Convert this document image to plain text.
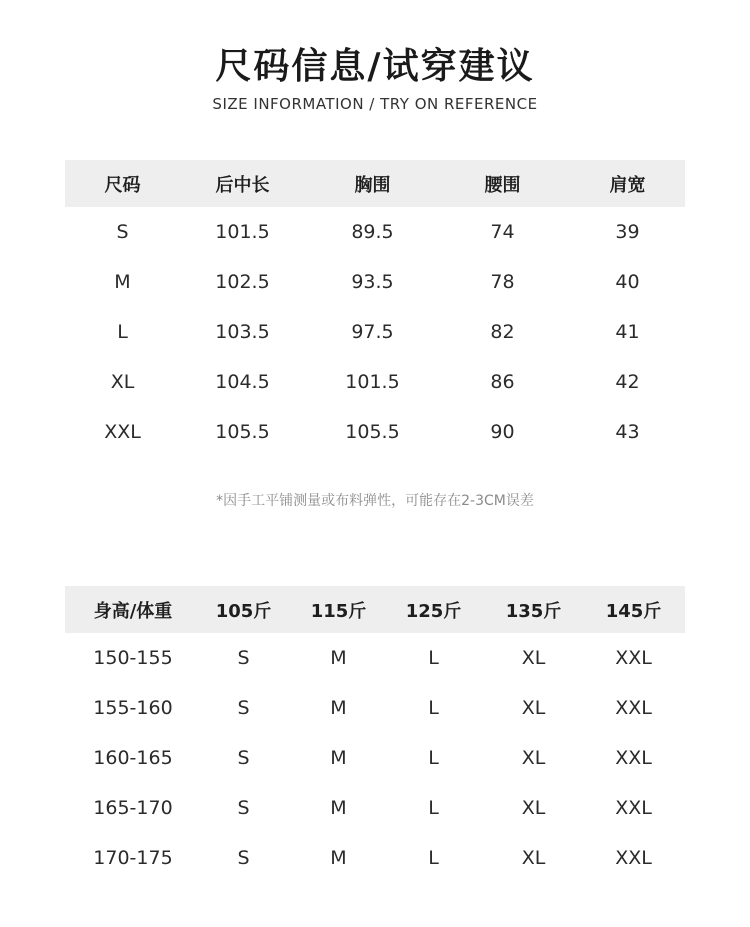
尺码信息/试穿建议
SIZE INFORMATION / TRY ON REFERENCE
尺码	后中长	胸围	腰围	肩宽
S	101.5	89.5	74	39
M	102.5	93.5	78	40
L	103.5	97.5	82	41
XL	104.5	101.5	86	42
XXL	105.5	105.5	90	43
*因手工平铺测量或布料弹性，可能存在2-3CM误差
身高/体重	105斤	115斤	125斤	135斤	145斤
150-155	S	M	L	XL	XXL
155-160	S	M	L	XL	XXL
160-165	S	M	L	XL	XXL
165-170	S	M	L	XL	XXL
170-175	S	M	L	XL	XXL
